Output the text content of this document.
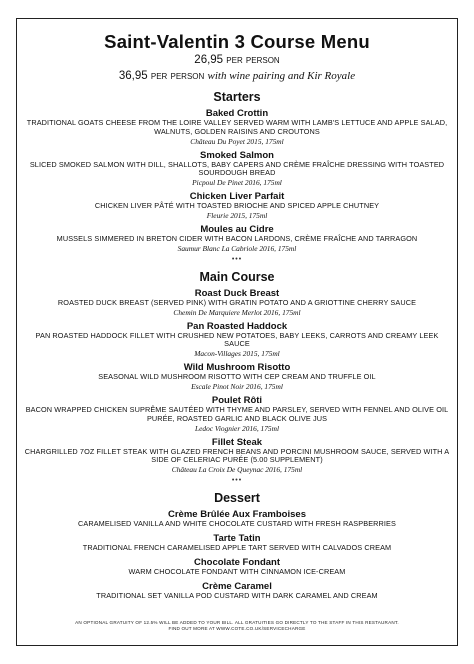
Saint-Valentin 3 Course Menu
26,95 per person
36,95 per person with wine pairing and Kir Royale
Starters
Baked Crottin
TRADITIONAL GOATS CHEESE FROM THE LOIRE VALLEY SERVED WARM WITH LAMB'S LETTUCE AND APPLE SALAD, WALNUTS, GOLDEN RAISINS AND CROUTONS
Château Du Poyet 2015, 175ml
Smoked Salmon
SLICED SMOKED SALMON WITH DILL, SHALLOTS, BABY CAPERS AND CRÈME FRAÎCHE DRESSING WITH TOASTED SOURDOUGH BREAD
Picpoul De Pinet 2016, 175ml
Chicken Liver Parfait
CHICKEN LIVER PÂTÉ WITH TOASTED BRIOCHE AND SPICED APPLE CHUTNEY
Fleurie 2015, 175ml
Moules au Cidre
MUSSELS SIMMERED IN BRETON CIDER WITH BACON LARDONS, CRÈME FRAÎCHE AND TARRAGON
Saumur Blanc La Cabriole 2016, 175ml
•••
Main Course
Roast Duck Breast
ROASTED DUCK BREAST (SERVED PINK) WITH GRATIN POTATO AND A GRIOTTINE CHERRY SAUCE
Chemin De Marquiere Merlot 2016, 175ml
Pan Roasted Haddock
PAN ROASTED HADDOCK FILLET WITH CRUSHED NEW POTATOES, BABY LEEKS, CARROTS AND CREAMY LEEK SAUCE
Macon-Villages 2015, 175ml
Wild Mushroom Risotto
SEASONAL WILD MUSHROOM RISOTTO WITH CEP CREAM AND TRUFFLE OIL
Escale Pinot Noir 2016, 175ml
Poulet Rôti
BACON WRAPPED CHICKEN SUPRÊME SAUTÉED WITH THYME AND PARSLEY, SERVED WITH FENNEL AND OLIVE OIL PURÉE, ROASTED GARLIC AND BLACK OLIVE JUS
Ledoc Viognier 2016, 175ml
Fillet Steak
CHARGRILLED 7OZ FILLET STEAK WITH GLAZED FRENCH BEANS AND PORCINI MUSHROOM SAUCE, SERVED WITH A SIDE OF CELERIAC PURÉE (5.00 SUPPLEMENT)
Château La Croix De Queynac 2016, 175ml
•••
Dessert
Crème Brûlée Aux Framboises
CARAMELISED VANILLA AND WHITE CHOCOLATE CUSTARD WITH FRESH RASPBERRIES
Tarte Tatin
TRADITIONAL FRENCH CARAMELISED APPLE TART SERVED WITH CALVADOS CREAM
Chocolate Fondant
WARM CHOCOLATE FONDANT WITH CINNAMON ICE-CREAM
Crème Caramel
TRADITIONAL SET VANILLA POD CUSTARD WITH DARK CARAMEL AND CREAM
AN OPTIONAL GRATUITY OF 12.5% WILL BE ADDED TO YOUR BILL. ALL GRATUITIES GO DIRECTLY TO THE STAFF IN THIS RESTAURANT.
FIND OUT MORE AT WWW.COTE.CO.UK/SERVICECHARGE
